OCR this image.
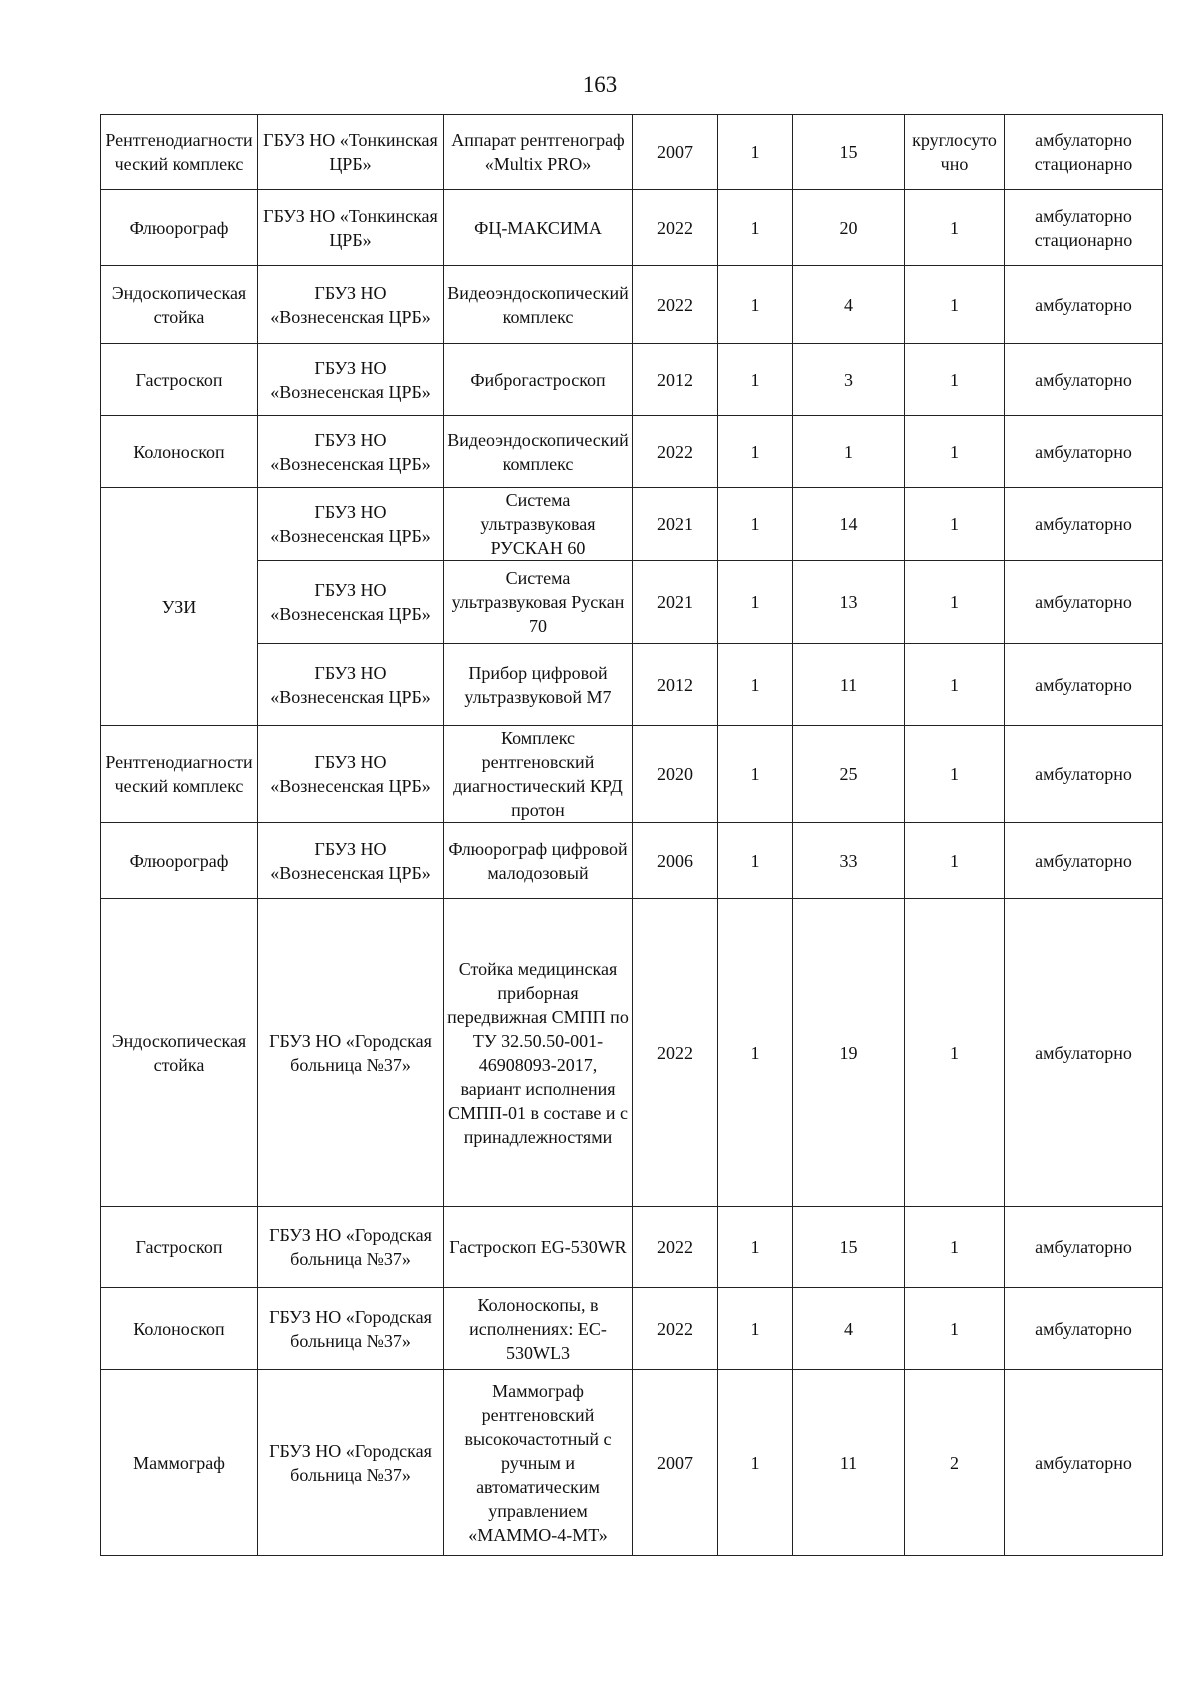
163
Рентгенодиагностический комплекс	ГБУЗ НО «Тонкинская ЦРБ»	Аппарат рентгенограф «Multix PRO»	2007	1	15	круглосуточно	амбулаторно стационарно
Флюорограф	ГБУЗ НО «Тонкинская ЦРБ»	ФЦ-МАКСИМА	2022	1	20	1	амбулаторно стационарно
Эндоскопическая стойка	ГБУЗ НО «Вознесенская ЦРБ»	Видеоэндоскопический комплекс	2022	1	4	1	амбулаторно
Гастроскоп	ГБУЗ НО «Вознесенская ЦРБ»	Фиброгастроскоп	2012	1	3	1	амбулаторно
Колоноскоп	ГБУЗ НО «Вознесенская ЦРБ»	Видеоэндоскопический комплекс	2022	1	1	1	амбулаторно
УЗИ	ГБУЗ НО «Вознесенская ЦРБ»	Система ультразвуковая РУСКАН 60	2021	1	14	1	амбулаторно
	ГБУЗ НО «Вознесенская ЦРБ»	Система ультразвуковая Рускан 70	2021	1	13	1	амбулаторно
	ГБУЗ НО «Вознесенская ЦРБ»	Прибор цифровой ультразвуковой M7	2012	1	11	1	амбулаторно
Рентгенодиагностический комплекс	ГБУЗ НО «Вознесенская ЦРБ»	Комплекс рентгеновский диагностический КРД протон	2020	1	25	1	амбулаторно
Флюорограф	ГБУЗ НО «Вознесенская ЦРБ»	Флюорограф цифровой малодозовый	2006	1	33	1	амбулаторно
Эндоскопическая стойка	ГБУЗ НО «Городская больница №37»	Стойка медицинская приборная передвижная СМПП по ТУ 32.50.50-001-46908093-2017, вариант исполнения СМПП-01 в составе и с принадлежностями	2022	1	19	1	амбулаторно
Гастроскоп	ГБУЗ НО «Городская больница №37»	Гастроскоп EG-530WR	2022	1	15	1	амбулаторно
Колоноскоп	ГБУЗ НО «Городская больница №37»	Колоноскопы, в исполнениях: EC-530WL3	2022	1	4	1	амбулаторно
Маммограф	ГБУЗ НО «Городская больница №37»	Маммограф рентгеновский высокочастотный с ручным и автоматическим управлением «МАММО-4-МТ»	2007	1	11	2	амбулаторно
